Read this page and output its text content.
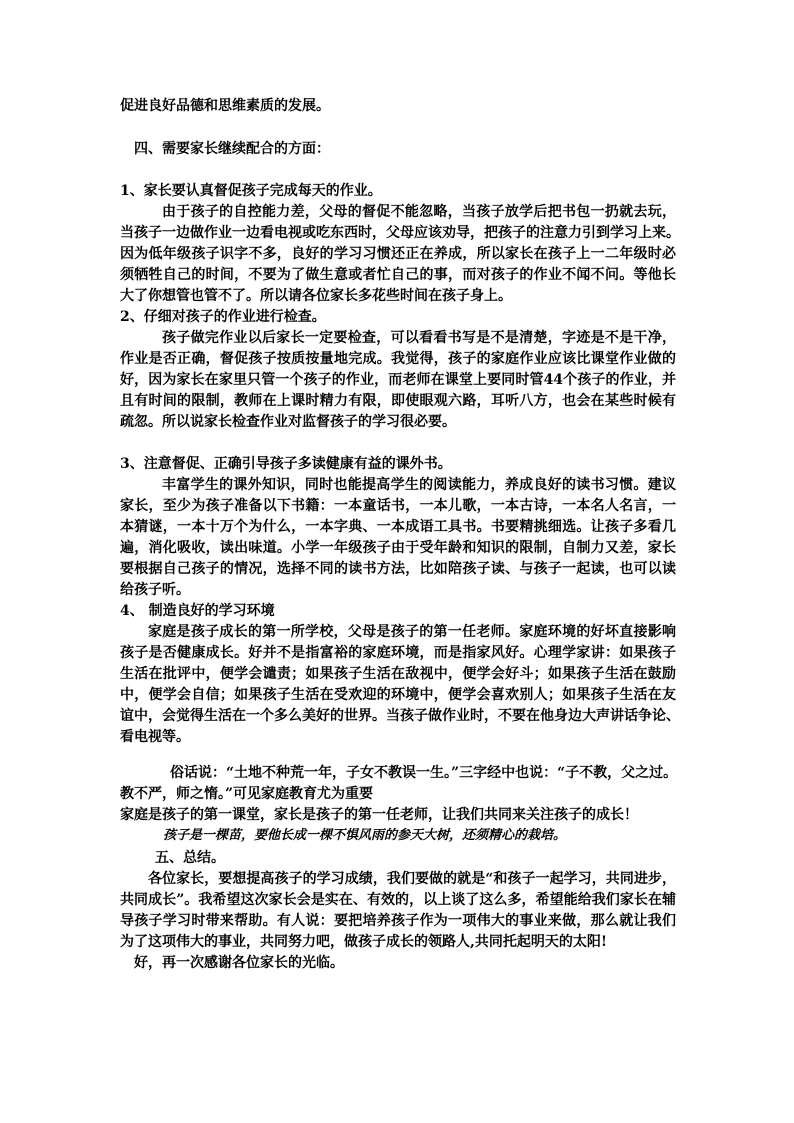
促进良好品德和思维素质的发展。
四、需要家长继续配合的方面：
1、家长要认真督促孩子完成每天的作业。
由于孩子的自控能力差，父母的督促不能忽略，当孩子放学后把书包一扔就去玩，
当孩子一边做作业一边看电视或吃东西时，父母应该劝导，把孩子的注意力引到学习上来。
因为低年级孩子识字不多，良好的学习习惯还正在养成，所以家长在孩子上一二年级时必
须牺牲自己的时间，不要为了做生意或者忙自己的事，而对孩子的作业不闻不问。等他长
大了你想管也管不了。所以请各位家长多花些时间在孩子身上。
2、仔细对孩子的作业进行检查。
孩子做完作业以后家长一定要检查，可以看看书写是不是清楚，字迹是不是干净，
作业是否正确，督促孩子按质按量地完成。我觉得，孩子的家庭作业应该比课堂作业做的
好，因为家长在家里只管一个孩子的作业，而老师在课堂上要同时管44个孩子的作业，并
且有时间的限制，教师在上课时精力有限，即使眼观六路，耳听八方，也会在某些时候有
疏忽。所以说家长检查作业对监督孩子的学习很必要。
3、注意督促、正确引导孩子多读健康有益的课外书。
丰富学生的课外知识，同时也能提高学生的阅读能力，养成良好的读书习惯。建议
家长，至少为孩子准备以下书籍：一本童话书，一本儿歌，一本古诗，一本名人名言，一
本猜谜，一本十万个为什么，一本字典、一本成语工具书。书要精挑细选。让孩子多看几
遍，消化吸收，读出味道。小学一年级孩子由于受年龄和知识的限制，自制力又差，家长
要根据自己孩子的情况，选择不同的读书方法，比如陪孩子读、与孩子一起读，也可以读
给孩子听。
4、 制造良好的学习环境
家庭是孩子成长的第一所学校，父母是孩子的第一任老师。家庭环境的好坏直接影响
孩子是否健康成长。好并不是指富裕的家庭环境，而是指家风好。心理学家讲：如果孩子
生活在批评中，便学会谴责；如果孩子生活在敌视中，便学会好斗；如果孩子生活在鼓励
中，便学会自信；如果孩子生活在受欢迎的环境中，便学会喜欢别人；如果孩子生活在友
谊中，会觉得生活在一个多么美好的世界。当孩子做作业时，不要在他身边大声讲话争论、
看电视等。
俗话说：“土地不种荒一年，子女不教误一生。”三字经中也说：“子不教，父之过。
教不严，师之惰。”可见家庭教育尤为重要
家庭是孩子的第一课堂，家长是孩子的第一任老师，让我们共同来关注孩子的成长！
孩子是一棵苗，要他长成一棵不惧风雨的参天大树，还须精心的栽培。
五、总结。
各位家长，要想提高孩子的学习成绩，我们要做的就是“和孩子一起学习，共同进步，
共同成长”。我希望这次家长会是实在、有效的，以上谈了这么多，希望能给我们家长在辅
导孩子学习时带来帮助。有人说：要把培养孩子作为一项伟大的事业来做，那么就让我们
为了这项伟大的事业，共同努力吧，做孩子成长的领路人,共同托起明天的太阳!
好，再一次感谢各位家长的光临。
